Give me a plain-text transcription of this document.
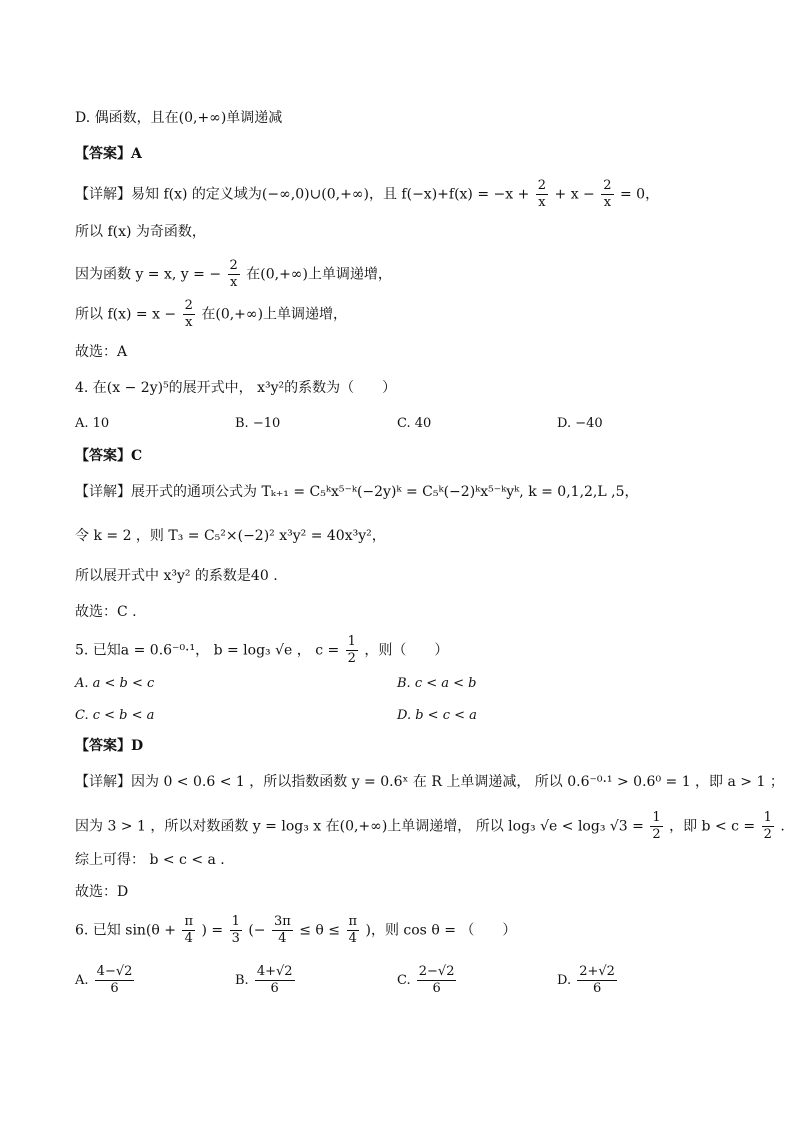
D. 偶函数，且在(0,+∞)单调递减
【答案】A
【详解】易知 f(x) 的定义域为(−∞,0)∪(0,+∞)，且 $f(-x)+f(x) = -x + \frac{2}{x} + x - \frac{2}{x} = 0$，
所以 f(x) 为奇函数，
因为函数 y = x, y = − $\frac{2}{x}$ 在(0,+∞)上单调递增，
所以 $f(x) = x - \frac{2}{x}$ 在(0,+∞)上单调递增，
故选：A
4. 在(x − 2y)⁵的展开式中， x³y²的系数为（　　）
A. 10	B. −10	C. 40	D. −40
【答案】C
【详解】展开式的通项公式为 Tₖ₊₁ = C₅ᵏx⁵⁻ᵏ(−2y)ᵏ = C₅ᵏ(−2)ᵏx⁵⁻ᵏyᵏ, k = 0,1,2,L ,5，
令 k = 2 ，则 T₃ = C₅²×(−2)² x³y² = 40x³y²，
所以展开式中 x³y² 的系数是40 .
故选：C .
5. 已知a = 0.6⁻⁰·¹， b = log₃ √e ， $c = \frac{1}{2}$ ，则（　　）
A. a < b < c	B. c < a < b
C. c < b < a	D. b < c < a
【答案】D
【详解】因为 0 < 0.6 < 1 ，所以指数函数 y = 0.6ˣ 在 R 上单调递减， 所以 0.6⁻⁰·¹ > 0.6⁰ = 1 ，即 a > 1 ；
因为 3 > 1 ，所以对数函数 y = log₃ x 在(0,+∞)上单调递增， 所以 log₃ √e < log₃ $√3 = \frac{1}{2}$ ，即 $b < c = \frac{1}{2}$ .
综上可得： b < c < a .
故选：D
6. 已知 $\sin(\theta + \frac{\pi}{4}$ ) = $\frac{1}{3}$ (− $\frac{3\pi}{4} \le \theta \le \frac{\pi}{4}$ )，则 cos θ = （　　）
A. $\frac{4-√2}{6}$	B. $\frac{4+√2}{6}$	C. $\frac{2-√2}{6}$	D. $\frac{2+√2}{6}$
